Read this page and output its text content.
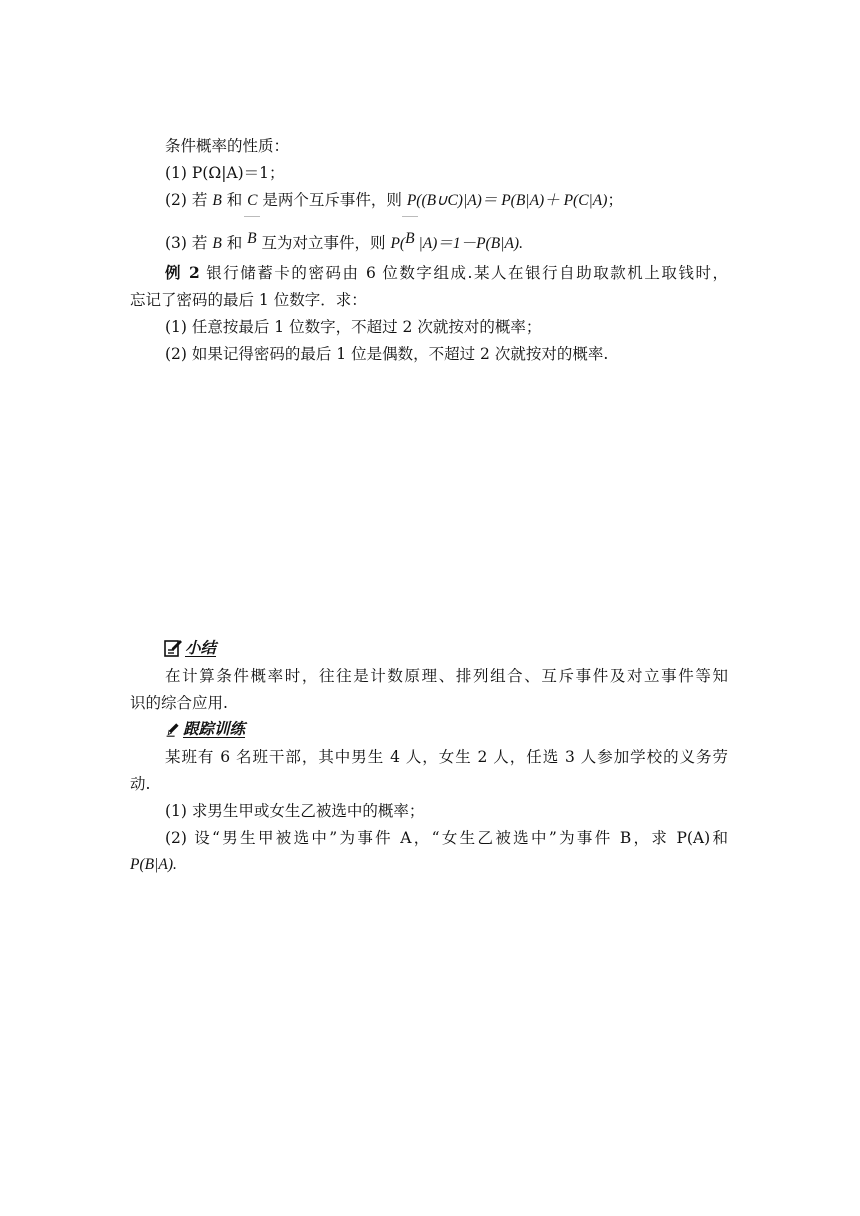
条件概率的性质：
(1) P(Ω|A)＝1；
(2) 若 B 和 C 是两个互斥事件，则 P((B∪C)|A)＝ P(B|A)＋ P(C|A)；
(3) 若 B 和
B 互为对立事件，则 P(
B |A)＝1－P(B|A).
例 2 银行储蓄卡的密码由 6 位数字组成.某人在银行自助取款机上取钱时，
忘记了密码的最后 1 位数字．求：
(1) 任意按最后 1 位数字，不超过 2 次就按对的概率；
(2) 如果记得密码的最后 1 位是偶数，不超过 2 次就按对的概率.
小结
在计算条件概率时，往往是计数原理、排列组合、互斥事件及对立事件等知
识的综合应用.
跟踪训练
某班有 6 名班干部，其中男生 4 人，女生 2 人，任选 3 人参加学校的义务劳
动.
(1) 求男生甲或女生乙被选中的概率；
(2) 设“男生甲被选中”为事件 A，“女生乙被选中”为事件 B，求 P(A)和
P(B|A).
